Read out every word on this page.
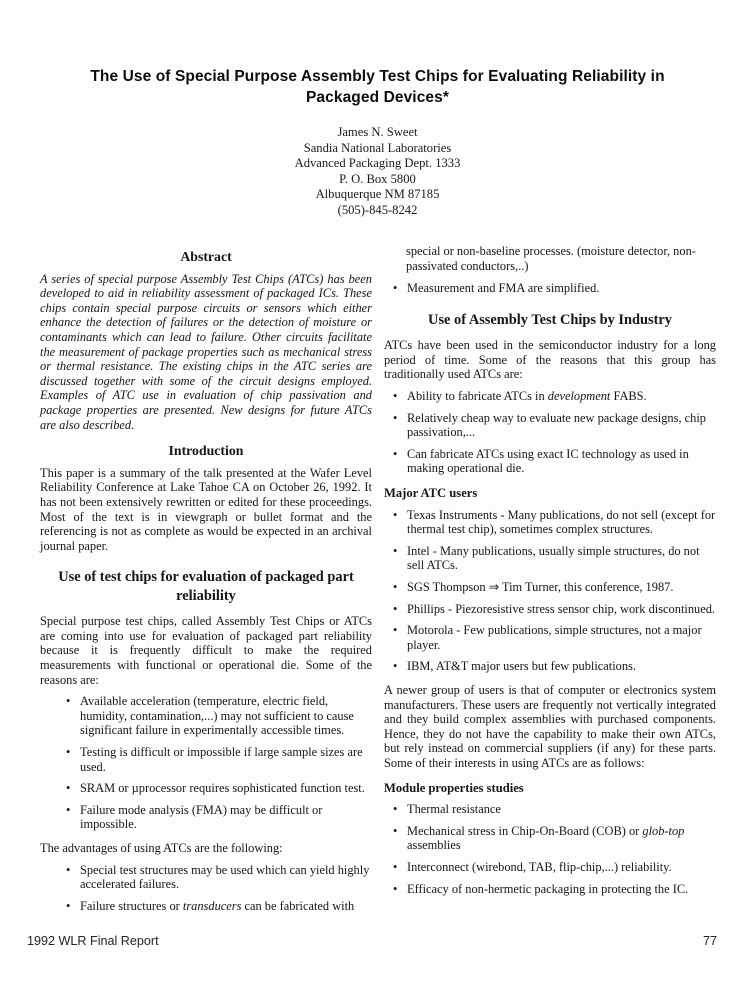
The Use of Special Purpose Assembly Test Chips for Evaluating Reliability in
Packaged Devices*
James N. Sweet
Sandia National Laboratories
Advanced Packaging Dept. 1333
P. O. Box 5800
Albuquerque NM 87185
(505)-845-8242
Abstract

A series of special purpose Assembly Test Chips (ATCs) has been developed to aid in reliability assessment of packaged ICs. These chips contain special purpose circuits or sensors which either enhance the detection of failures or the detection of moisture or contaminants which can lead to failure. Other circuits facilitate the measurement of package properties such as mechanical stress or thermal resistance. The existing chips in the ATC series are discussed together with some of the circuit designs employed. Examples of ATC use in evaluation of chip passivation and package properties are presented. New designs for future ATCs are also described.

Introduction

This paper is a summary of the talk presented at the Wafer Level Reliability Conference at Lake Tahoe CA on October 26, 1992. It has not been extensively rewritten or edited for these proceedings. Most of the text is in viewgraph or bullet format and the referencing is not as complete as would be expected in an archival journal paper.

Use of test chips for evaluation of packaged part reliability

Special purpose test chips, called Assembly Test Chips or ATCs are coming into use for evaluation of packaged part reliability because it is frequently difficult to make the required measurements with functional or operational die. Some of the reasons are:

• Available acceleration (temperature, electric field, humidity, contamination,...) may not sufficient to cause significant failure in experimentally accessible times.
• Testing is difficult or impossible if large sample sizes are used.
• SRAM or µprocessor requires sophisticated function test.
• Failure mode analysis (FMA) may be difficult or impossible.

The advantages of using ATCs are the following:

• Special test structures may be used which can yield highly accelerated failures.
• Failure structures or transducers can be fabricated with

special or non-baseline processes. (moisture detector, non-passivated conductors,..)

• Measurement and FMA are simplified.
Use of Assembly Test Chips by Industry

ATCs have been used in the semiconductor industry for a long period of time. Some of the reasons that this group has traditionally used ATCs are:

• Ability to fabricate ATCs in development FABS.
• Relatively cheap way to evaluate new package designs, chip passivation,...
• Can fabricate ATCs using exact IC technology as used in making operational die.
Major ATC users
• Texas Instruments - Many publications, do not sell (except for thermal test chip), sometimes complex structures.
• Intel - Many publications, usually simple structures, do not sell ATCs.
• SGS Thompson ⇒ Tim Turner, this conference, 1987.
• Phillips - Piezoresistive stress sensor chip, work discontinued.
• Motorola - Few publications, simple structures, not a major player.
• IBM, AT&T major users but few publications.

A newer group of users is that of computer or electronics system manufacturers. These users are frequently not vertically integrated and they build complex assemblies with purchased components. Hence, they do not have the capability to make their own ATCs, but rely instead on commercial suppliers (if any) for these parts. Some of their interests in using ATCs are as follows:

Module properties studies
• Thermal resistance
• Mechanical stress in Chip-On-Board (COB) or glob-top assemblies
• Interconnect (wirebond, TAB, flip-chip,...) reliability.
• Efficacy of non-hermetic packaging in protecting the IC.
1992 WLR Final Report	77
